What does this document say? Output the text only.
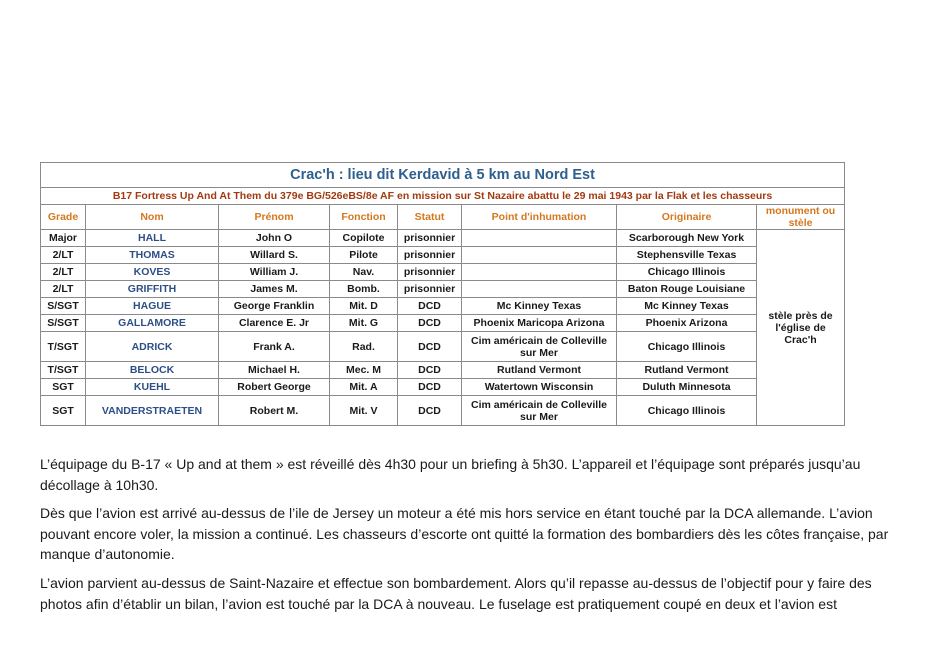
Crac'h : lieu dit Kerdavid à 5 km au Nord Est							
B17 Fortress Up And At Them du 379e BG/526eBS/8e AF en mission sur St Nazaire abattu le 29 mai 1943 par la Flak et les chasseurs							
Grade	Nom	Prénom	Fonction	Statut	Point d'inhumation	Originaire	monument ou stèle
Major	HALL	John O	Copilote	prisonnier		Scarborough New York	stèle près de l'église de Crac'h
2/LT	THOMAS	Willard S.	Pilote	prisonnier		Stephensville Texas	
2/LT	KOVES	William J.	Nav.	prisonnier		Chicago Illinois	
2/LT	GRIFFITH	James M.	Bomb.	prisonnier		Baton Rouge Louisiane	
S/SGT	HAGUE	George Franklin	Mit. D	DCD	Mc Kinney Texas	Mc Kinney Texas	
S/SGT	GALLAMORE	Clarence E. Jr	Mit. G	DCD	Phoenix Maricopa Arizona	Phoenix Arizona	
T/SGT	ADRICK	Frank A.	Rad.	DCD	Cim américain de Colleville sur Mer	Chicago Illinois	
T/SGT	BELOCK	Michael H.	Mec. M	DCD	Rutland Vermont	Rutland Vermont	
SGT	KUEHL	Robert George	Mit. A	DCD	Watertown Wisconsin	Duluth Minnesota	
SGT	VANDERSTRAETEN	Robert M.	Mit. V	DCD	Cim américain de Colleville sur Mer	Chicago Illinois	

L’équipage du B-17 « Up and at them » est réveillé dès 4h30 pour un briefing à 5h30. L’appareil et l’équipage sont préparés jusqu’au décollage à 10h30.

Dès que l’avion est arrivé au-dessus de l’ile de Jersey un moteur a été mis hors service en étant touché par la DCA allemande. L’avion pouvant encore voler, la mission a continué. Les chasseurs d’escorte ont quitté la formation des bombardiers dès les côtes française, par manque d’autonomie.

L’avion parvient au-dessus de Saint-Nazaire et effectue son bombardement. Alors qu’il repasse au-dessus de l’objectif pour y faire des photos afin d’établir un bilan, l’avion est touché par la DCA à nouveau. Le fuselage est pratiquement coupé en deux et l’avion est
